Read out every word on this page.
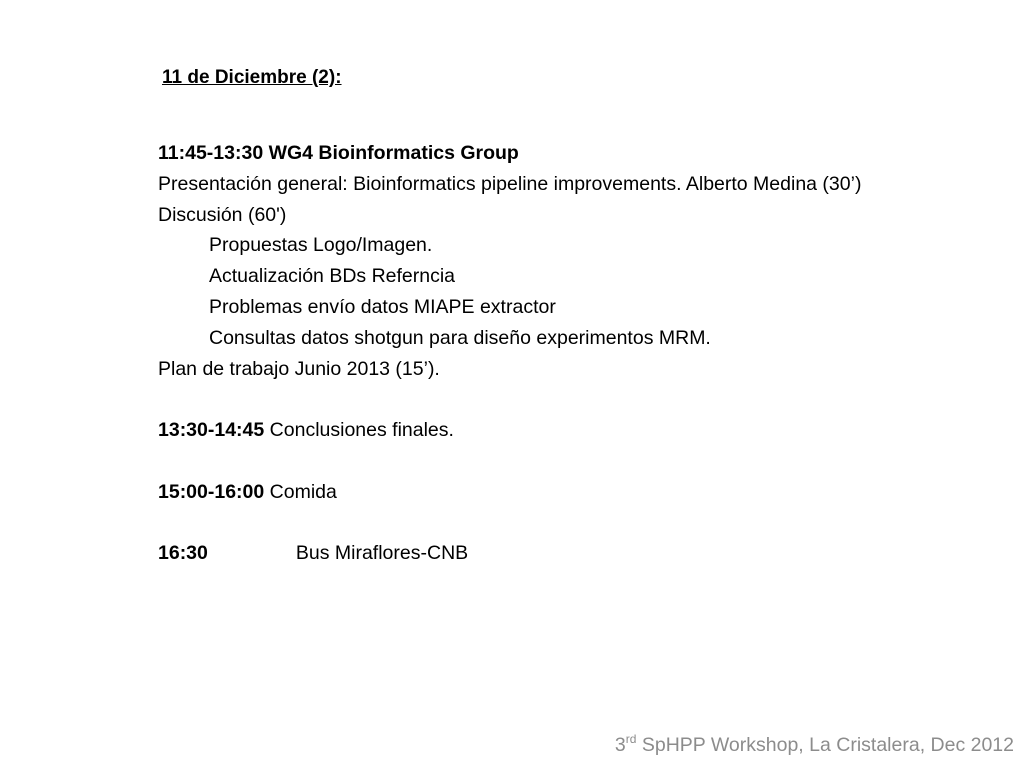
11 de Diciembre (2):
11:45-13:30 WG4 Bioinformatics Group
Presentación general: Bioinformatics pipeline improvements. Alberto Medina (30’)
Discusión (60')
Propuestas Logo/Imagen.
Actualización BDs Referncia
Problemas envío datos MIAPE extractor
Consultas datos shotgun para diseño experimentos MRM.
Plan de trabajo Junio 2013 (15’).
13:30-14:45 Conclusiones finales.
15:00-16:00 Comida
16:30	Bus Miraflores-CNB
3rd SpHPP Workshop, La Cristalera, Dec 2012
